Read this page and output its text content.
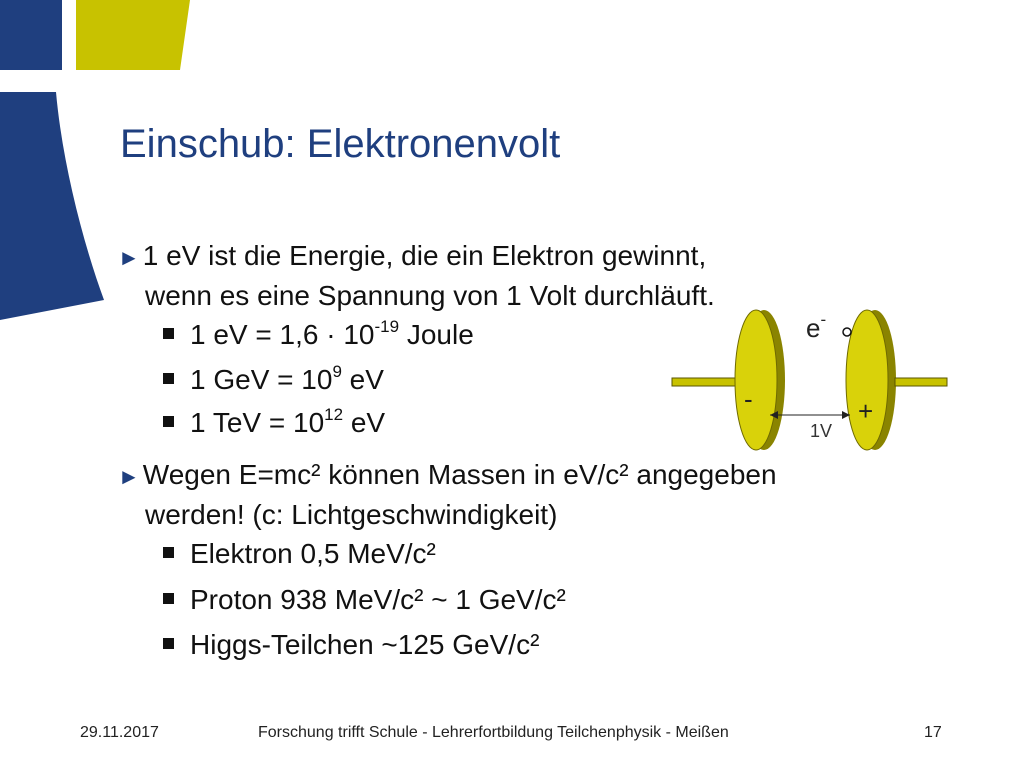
Einschub: Elektronenvolt
► 1 eV ist die Energie, die ein Elektron gewinnt,
wenn es eine Spannung von 1 Volt durchläuft.
1 eV = $1,6 \cdot 10^{-19}$ Joule
1 GeV = $10^9$ eV
1 TeV = $10^{12}$ eV
► Wegen E=mc² können Massen in eV/c² angegeben
werden! (c: Lichtgeschwindigkeit)
Elektron 0,5 MeV/c²
Proton 938 MeV/c² ~ 1 GeV/c²
Higgs-Teilchen ~125 GeV/c²
e-
-	+
1V
29.11.2017	Forschung trifft Schule - Lehrerfortbildung Teilchenphysik - Meißen	17
